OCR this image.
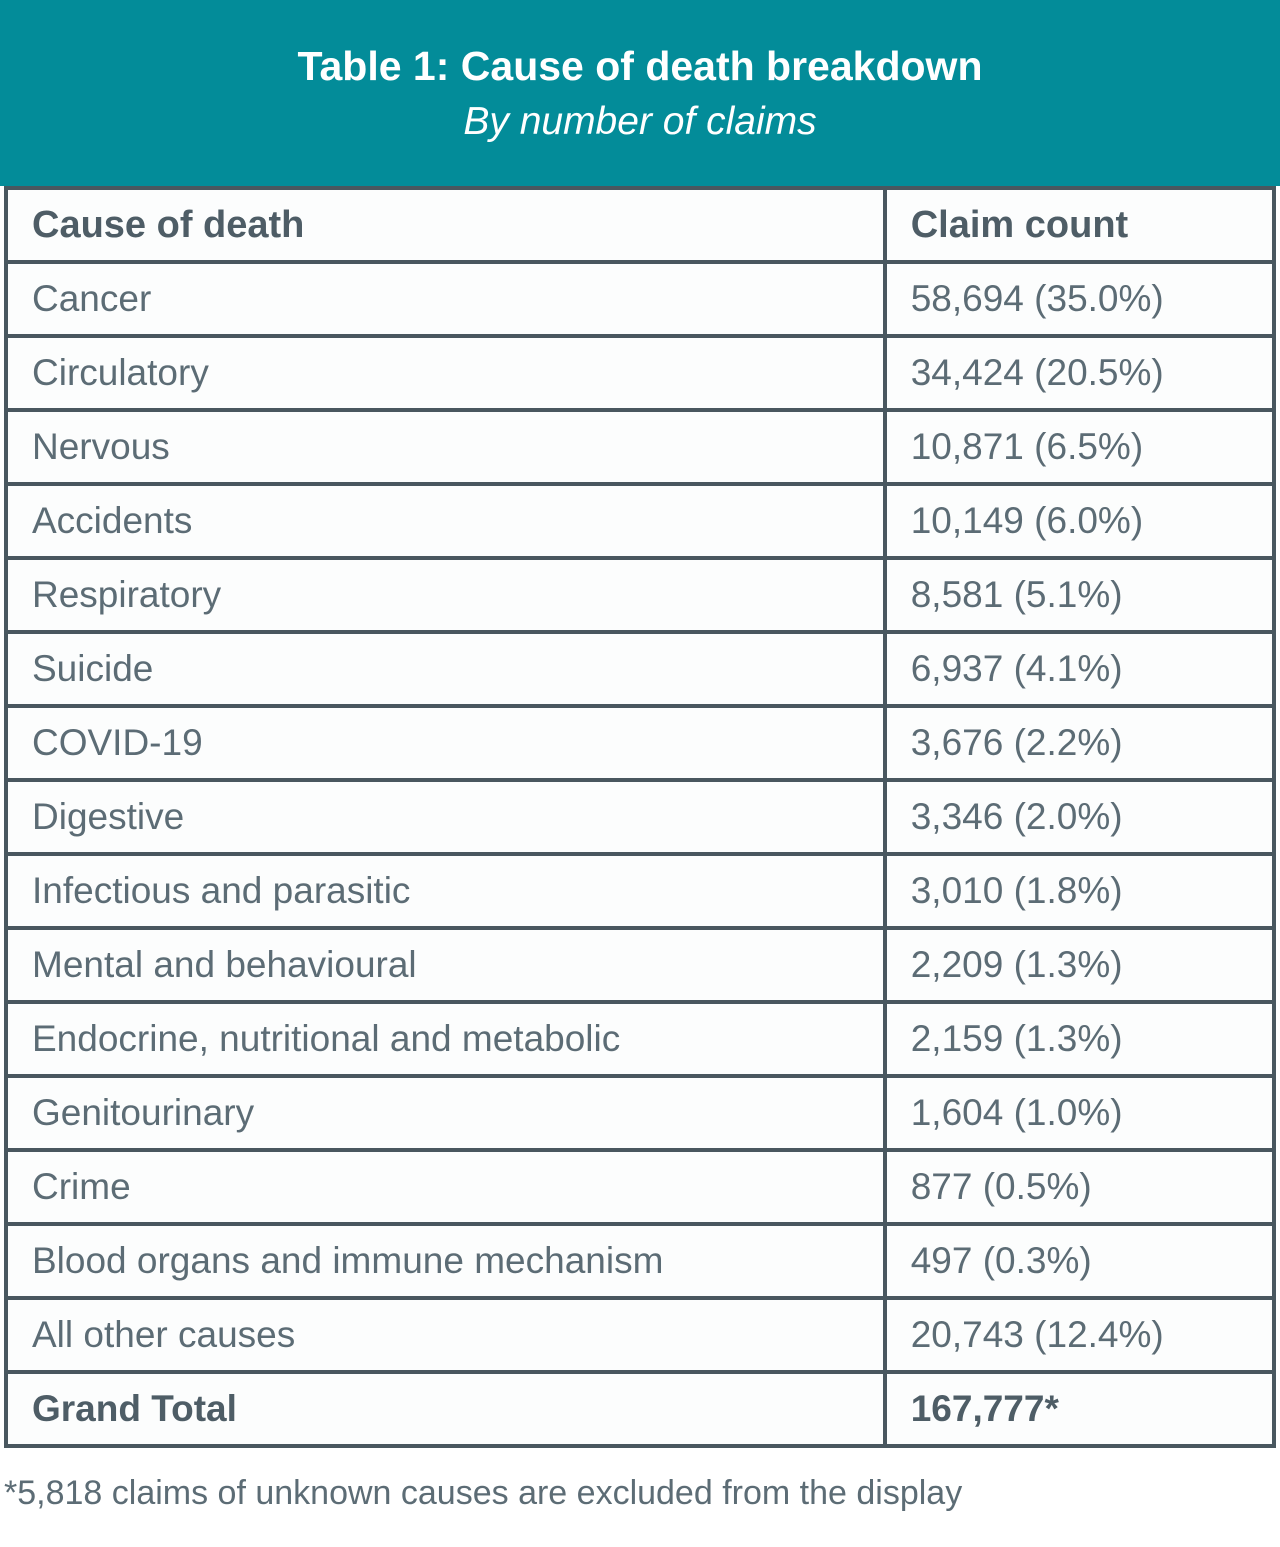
Table 1: Cause of death breakdown
By number of claims
Cause of death	Claim count
Cancer	58,694 (35.0%)
Circulatory	34,424 (20.5%)
Nervous	10,871 (6.5%)
Accidents	10,149 (6.0%)
Respiratory	8,581 (5.1%)
Suicide	6,937 (4.1%)
COVID-19	3,676 (2.2%)
Digestive	3,346 (2.0%)
Infectious and parasitic	3,010 (1.8%)
Mental and behavioural	2,209 (1.3%)
Endocrine, nutritional and metabolic	2,159 (1.3%)
Genitourinary	1,604 (1.0%)
Crime	877 (0.5%)
Blood organs and immune mechanism	497 (0.3%)
All other causes	20,743 (12.4%)
Grand Total	167,777*
*5,818 claims of unknown causes are excluded from the display
